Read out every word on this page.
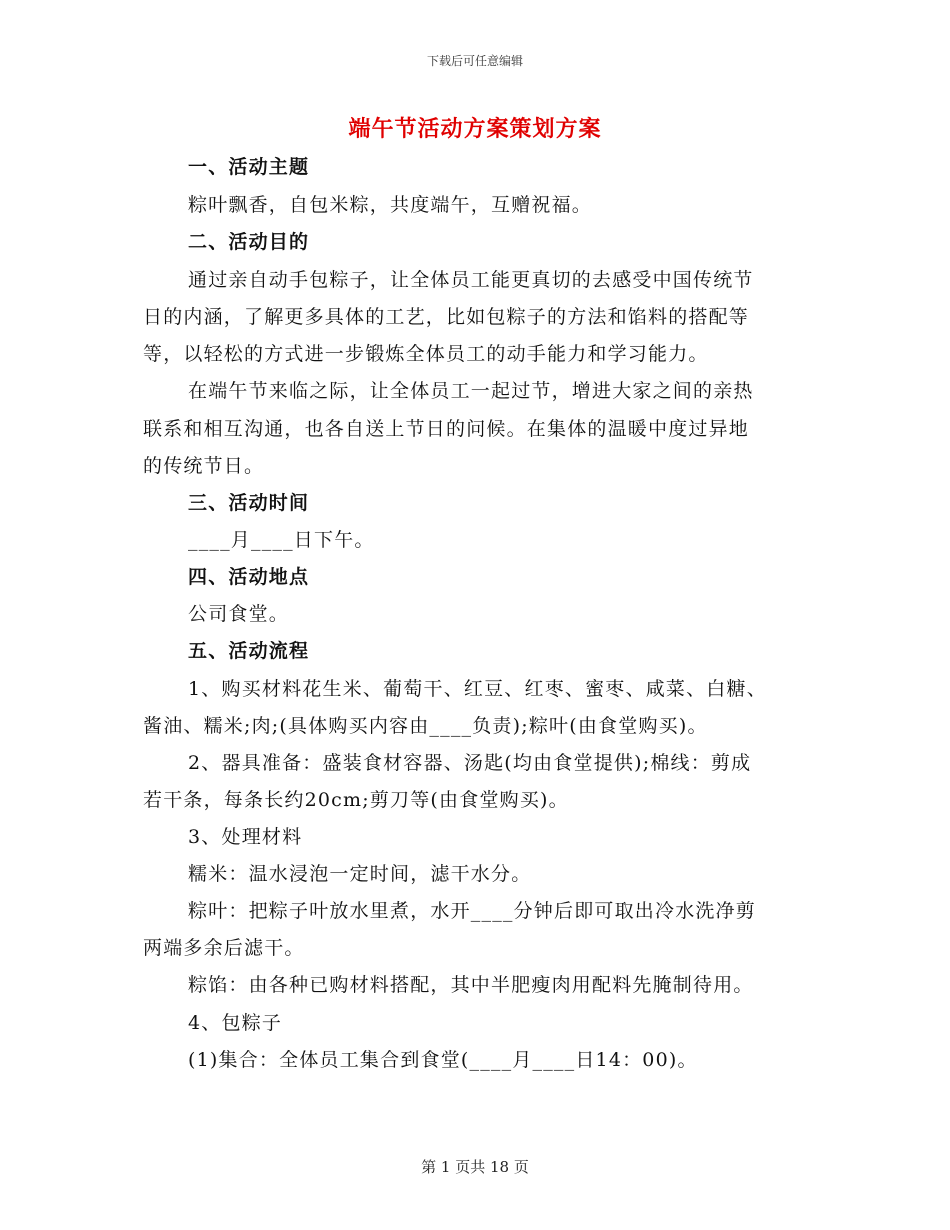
下载后可任意编辑
端午节活动方案策划方案
一、活动主题
粽叶飘香，自包米粽，共度端午，互赠祝福。
二、活动目的
通过亲自动手包粽子，让全体员工能更真切的去感受中国传统节
日的内涵，了解更多具体的工艺，比如包粽子的方法和馅料的搭配等
等，以轻松的方式进一步锻炼全体员工的动手能力和学习能力。
在端午节来临之际，让全体员工一起过节，增进大家之间的亲热
联系和相互沟通，也各自送上节日的问候。在集体的温暖中度过异地
的传统节日。
三、活动时间
____月____日下午。
四、活动地点
公司食堂。
五、活动流程
1、购买材料花生米、葡萄干、红豆、红枣、蜜枣、咸菜、白糖、
酱油、糯米;肉;(具体购买内容由____负责);粽叶(由食堂购买)。
2、器具准备：盛装食材容器、汤匙(均由食堂提供);棉线：剪成
若干条，每条长约20cm;剪刀等(由食堂购买)。
3、处理材料
糯米：温水浸泡一定时间，滤干水分。
粽叶：把粽子叶放水里煮，水开____分钟后即可取出冷水洗净剪
两端多余后滤干。
粽馅：由各种已购材料搭配，其中半肥瘦肉用配料先腌制待用。
4、包粽子
(1)集合：全体员工集合到食堂(____月____日14：00)。
第 1 页共 18 页
